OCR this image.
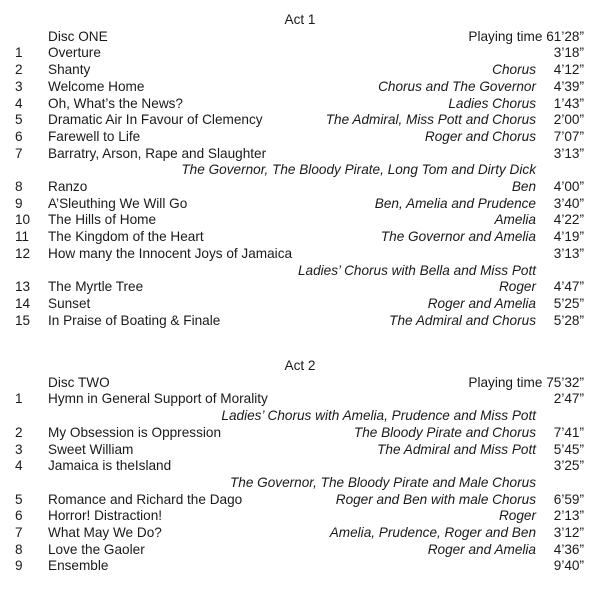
Act 1
Disc ONE	Playing time 61’28”
1 Overture	3’18”
2 Shanty	Chorus 4’12”
3 Welcome Home	Chorus and The Governor 4’39”
4 Oh, What’s the News?	Ladies Chorus 1’43”
5 Dramatic Air In Favour of Clemency	The Admiral, Miss Pott and Chorus 2’00”
6 Farewell to Life	Roger and Chorus 7’07”
7 Barratry, Arson, Rape and Slaughter	3’13”
The Governor, The Bloody Pirate, Long Tom and Dirty Dick
8 Ranzo	Ben 4’00”
9 A’Sleuthing We Will Go	Ben, Amelia and Prudence 3’40”
10 The Hills of Home	Amelia 4’22”
11 The Kingdom of the Heart	The Governor and Amelia 4’19”
12 How many the Innocent Joys of Jamaica	3’13”
Ladies’ Chorus with Bella and Miss Pott
13 The Myrtle Tree	Roger 4’47”
14 Sunset	Roger and Amelia 5’25”
15 In Praise of Boating & Finale	The Admiral and Chorus 5’28”
Act 2
Disc TWO	Playing time 75’32”
1 Hymn in General Support of Morality	2’47”
Ladies’ Chorus with Amelia, Prudence and Miss Pott
2 My Obsession is Oppression	The Bloody Pirate and Chorus 7’41”
3 Sweet William	The Admiral and Miss Pott 5’45”
4 Jamaica is theIsland	3’25”
The Governor, The Bloody Pirate and Male Chorus
5 Romance and Richard the Dago	Roger and Ben with male Chorus 6’59”
6 Horror! Distraction!	Roger 2’13”
7 What May We Do?	Amelia, Prudence, Roger and Ben 3’12”
8 Love the Gaoler	Roger and Amelia 4’36”
9 Ensemble	9’40”
